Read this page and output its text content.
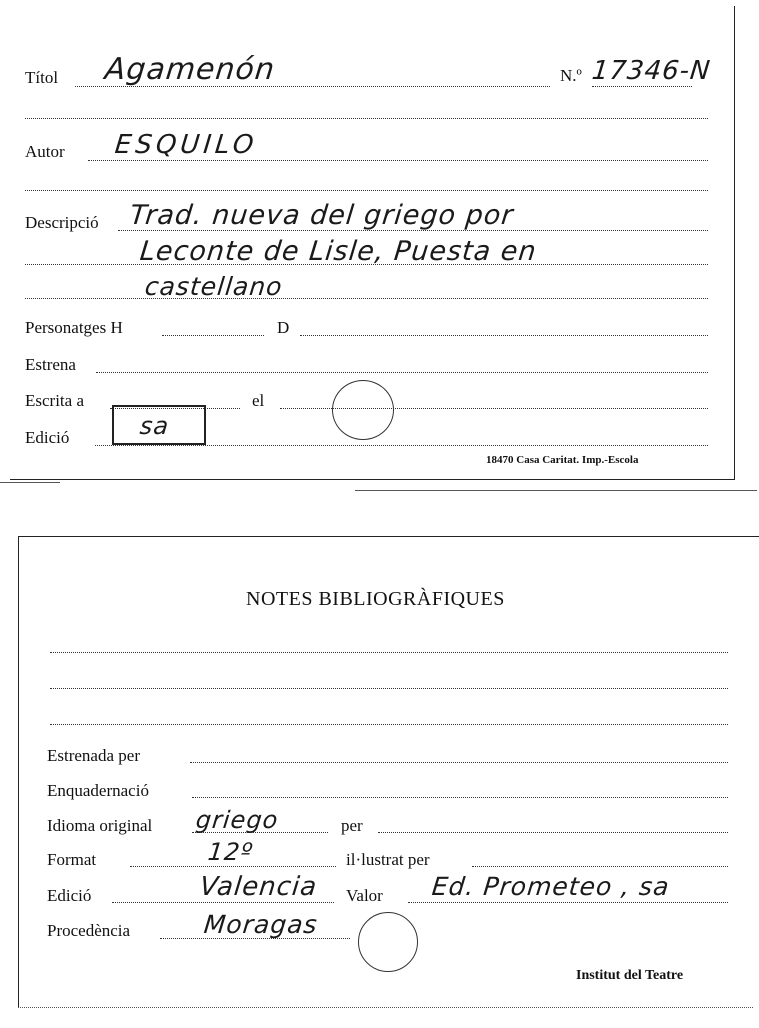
Títol Agamenón	N.º 17346-N
Autor ESQUILO
Descripció Trad. nueva del griego por
Leconte de Lisle, Puesta en
castellano
Personatges H	D
Estrena
Escrita a	el
Edició	sa
18470 Casa Caritat. Imp.-Escola
NOTES BIBLIOGRÀFIQUES
Estrenada per
Enquadernació
Idioma original griego	per
Format	12º	il·lustrat per
Edició	Valencia Valor Ed. Prometeo , sa
Procedència	Moragas
Institut del Teatre
